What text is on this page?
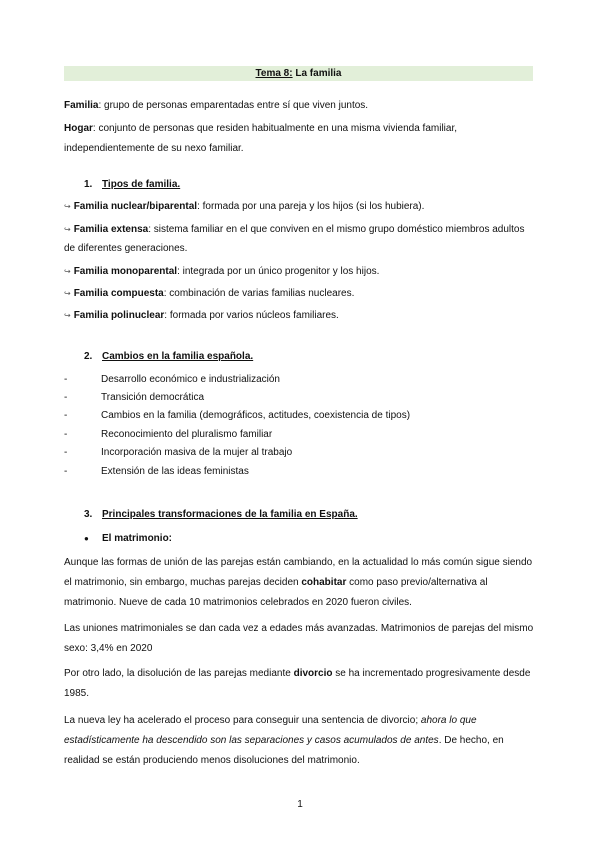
Tema 8: La familia
Familia: grupo de personas emparentadas entre sí que viven juntos.
Hogar: conjunto de personas que residen habitualmente en una misma vivienda familiar, independientemente de su nexo familiar.
1. Tipos de familia.
↪ Familia nuclear/biparental: formada por una pareja y los hijos (si los hubiera).
↪ Familia extensa: sistema familiar en el que conviven en el mismo grupo doméstico miembros adultos de diferentes generaciones.
↪ Familia monoparental: integrada por un único progenitor y los hijos.
↪ Familia compuesta: combinación de varias familias nucleares.
↪ Familia polinuclear: formada por varios núcleos familiares.
2. Cambios en la familia española.
-	Desarrollo económico e industrialización
-	Transición democrática
-	Cambios en la familia (demográficos, actitudes, coexistencia de tipos)
-	Reconocimiento del pluralismo familiar
-	Incorporación masiva de la mujer al trabajo
-	Extensión de las ideas feministas
3. Principales transformaciones de la familia en España.
● El matrimonio:
Aunque las formas de unión de las parejas están cambiando, en la actualidad lo más común sigue siendo el matrimonio, sin embargo, muchas parejas deciden cohabitar como paso previo/alternativa al matrimonio. Nueve de cada 10 matrimonios celebrados en 2020 fueron civiles.
Las uniones matrimoniales se dan cada vez a edades más avanzadas. Matrimonios de parejas del mismo sexo: 3,4% en 2020
Por otro lado, la disolución de las parejas mediante divorcio se ha incrementado progresivamente desde 1985.
La nueva ley ha acelerado el proceso para conseguir una sentencia de divorcio; ahora lo que estadísticamente ha descendido son las separaciones y casos acumulados de antes. De hecho, en realidad se están produciendo menos disoluciones del matrimonio.
1
